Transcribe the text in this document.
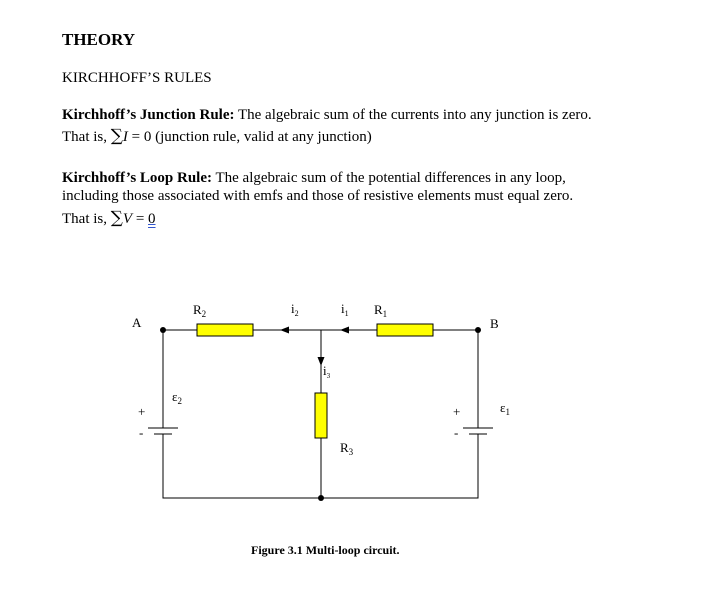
THEORY
KIRCHHOFF’S RULES
Kirchhoff’s Junction Rule: The algebraic sum of the currents into any junction is zero.
That is, ∑I = 0 (junction rule, valid at any junction)
Kirchhoff’s Loop Rule: The algebraic sum of the potential differences in any loop,
including those associated with emfs and those of resistive elements must equal zero.
That is, ∑V = 0
A	B
$R_2$	$R_1$
$R_3$
$i_2$	$i_1$
$i_3$
$\varepsilon_2$	$\varepsilon_1$
+
-
+
-
Figure 3.1 Multi-loop circuit.
